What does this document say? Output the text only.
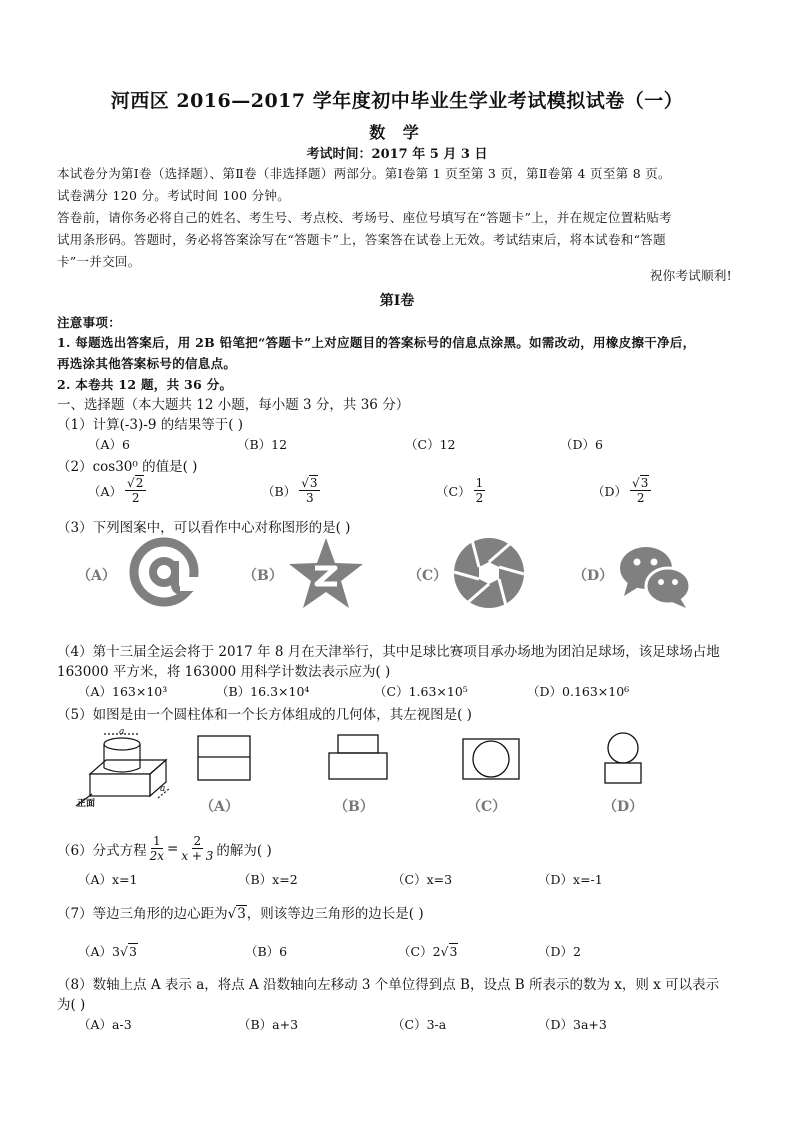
河西区 2016—2017 学年度初中毕业生学业考试模拟试卷（一）
数 学
考试时间：2017 年 5 月 3 日
本试卷分为第Ⅰ卷（选择题）、第Ⅱ卷（非选择题）两部分。第Ⅰ卷第 1 页至第 3 页，第Ⅱ卷第 4 页至第 8 页。
试卷满分 120 分。考试时间 100 分钟。
答卷前，请你务必将自己的姓名、考生号、考点校、考场号、座位号填写在“答题卡”上，并在规定位置粘贴考
试用条形码。答题时，务必将答案涂写在“答题卡”上，答案答在试卷上无效。考试结束后，将本试卷和“答题
卡”一并交回。
祝你考试顺利!
第Ⅰ卷
注意事项：
1. 每题选出答案后，用 2B 铅笔把“答题卡”上对应题目的答案标号的信息点涂黑。如需改动，用橡皮擦干净后，
再选涂其他答案标号的信息点。
2. 本卷共 12 题，共 36 分。
一、选择题（本大题共 12 小题，每小题 3 分，共 36 分）
（1）计算(-3)-9 的结果等于( )
（A）6	（B）12	（C）12	（D）6
（2）cos30⁰ 的值是( )
$(A) \frac{√2}{2}$	$(B) \frac{√3}{3}$	$(C) \frac{1}{2}$	$(D) \frac{√3}{2}$
（3）下列图案中，可以看作中心对称图形的是( )
（A）	（B）	（C）	（D）
（4）第十三届全运会将于 2017 年 8 月在天津举行，其中足球比赛项目承办场地为团泊足球场，该足球场占地
163000 平方米，将 163000 用科学计数法表示应为( )
（A）163×10³	（B）16.3×10⁴	（C）1.63×10⁵	（D）0.163×10⁶
（5）如图是由一个圆柱体和一个长方体组成的几何体，其左视图是( )
a
a
正面	（A）	（B）	（C）	（D）
（6）分式方程 $\frac{1}{2x} = \frac{2}{x + 3}$ 的解为( )
（A）x=1	（B）x=2	（C）x=3	（D）x=-1
（7）等边三角形的边心距为√3，则该等边三角形的边长是( )
（A）3√3	（B）6	（C）2√3	（D）2
（8）数轴上点 A 表示 a，将点 A 沿数轴向左移动 3 个单位得到点 B，设点 B 所表示的数为 x，则 x 可以表示
为( )
（A）a-3	（B）a+3	（C）3-a	（D）3a+3
